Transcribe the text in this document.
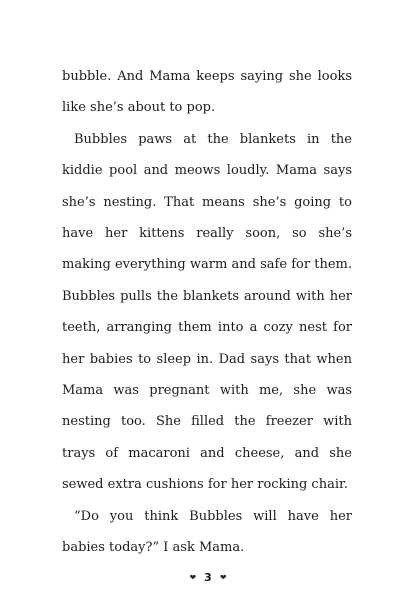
bubble. And Mama keeps saying she looks like she’s about to pop.

Bubbles paws at the blankets in the kiddie pool and meows loudly. Mama says she’s nesting. That means she’s going to have her kittens really soon, so she’s making everything warm and safe for them. Bubbles pulls the blankets around with her teeth, arranging them into a cozy nest for her babies to sleep in. Dad says that when Mama was pregnant with me, she was nesting too. She filled the freezer with trays of macaroni and cheese, and she sewed extra cushions for her rocking chair.

“Do you think Bubbles will have her babies today?” I ask Mama.

❤ 3 ❤
